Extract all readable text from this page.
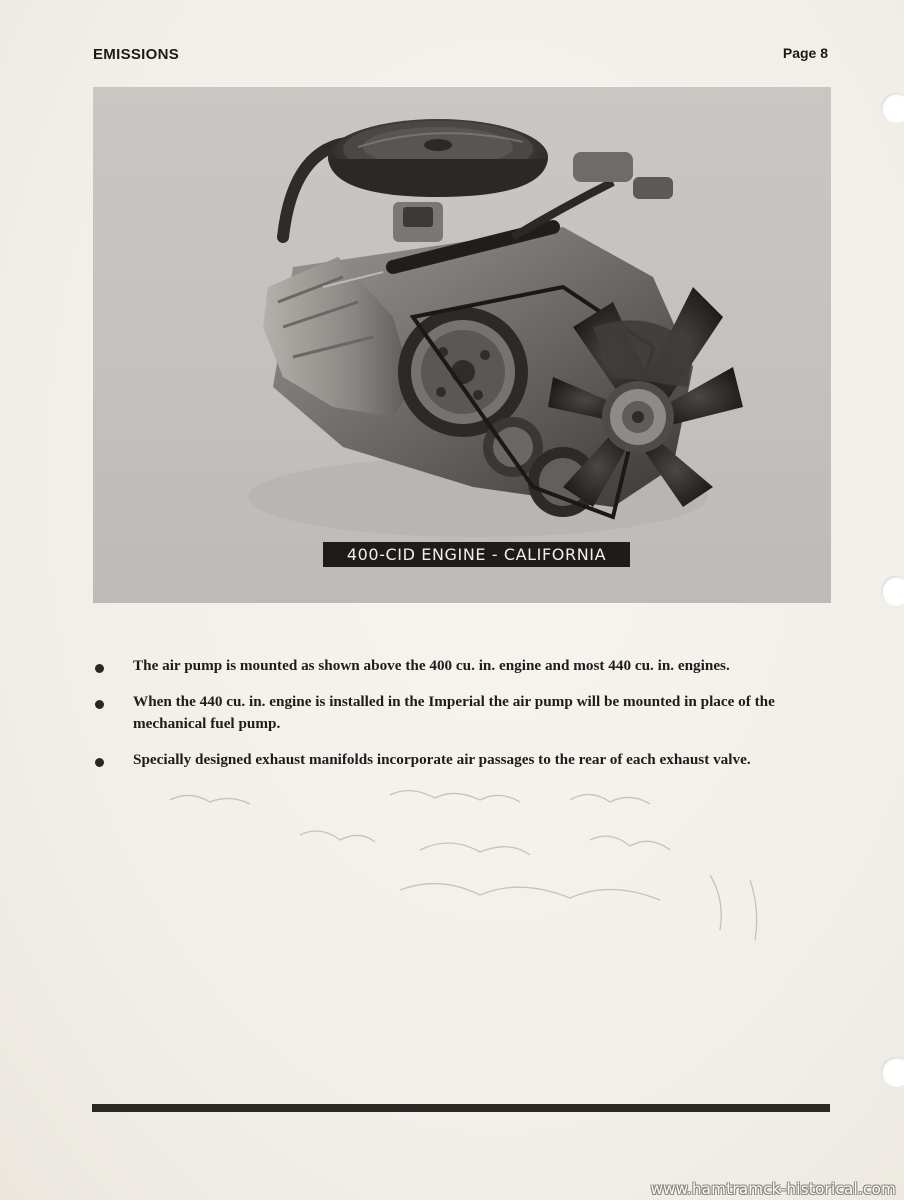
EMISSIONS	Page 8
400-CID ENGINE - CALIFORNIA
The air pump is mounted as shown above the 400 cu. in. engine and most 440 cu. in. engines.
When the 440 cu. in. engine is installed in the Imperial the air pump will be mounted in place of the mechanical fuel pump.
Specially designed exhaust manifolds incorporate air passages to the rear of each exhaust valve.
www.hamtramck-historical.com
